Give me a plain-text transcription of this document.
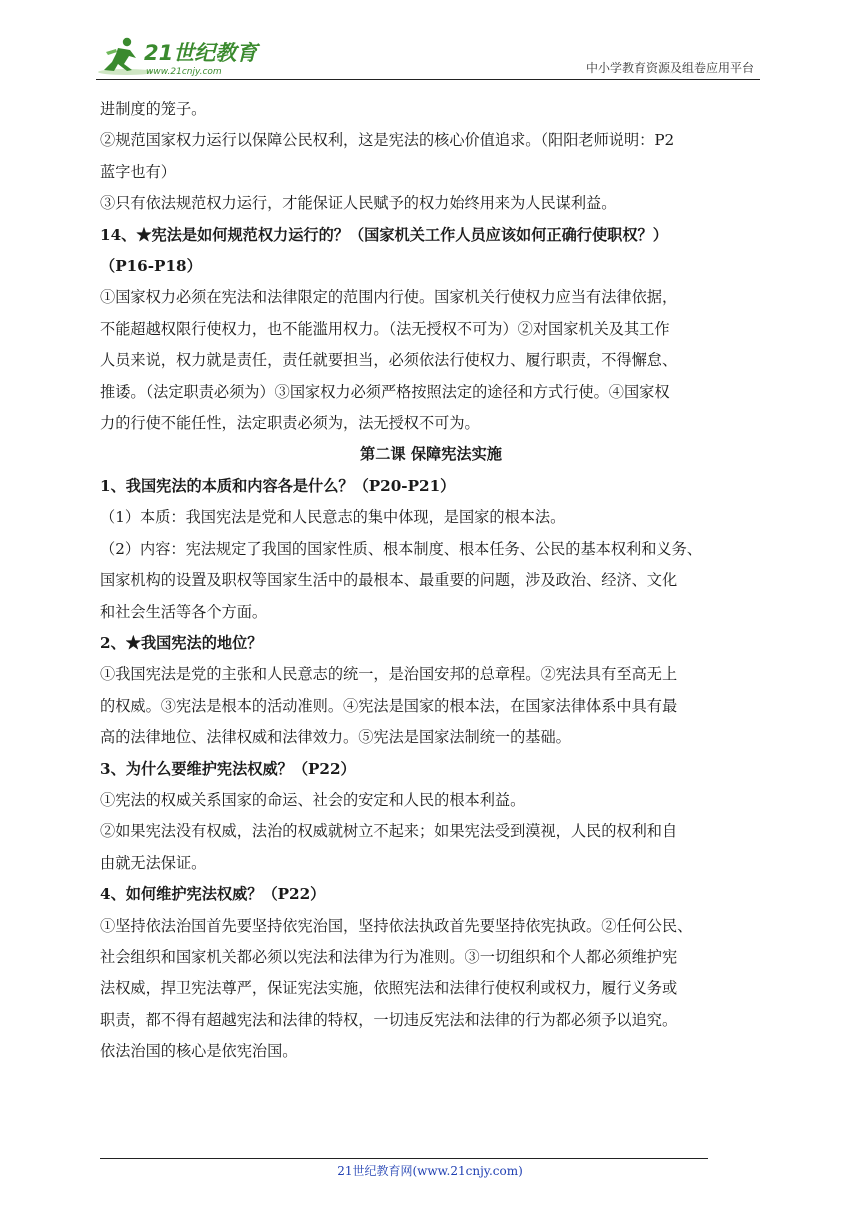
21世纪教育
www.21cnjy.com	中小学教育资源及组卷应用平台

进制度的笼子。

②规范国家权力运行以保障公民权利，这是宪法的核心价值追求。（阳阳老师说明：P2

蓝字也有）

③只有依法规范权力运行，才能保证人民赋予的权力始终用来为人民谋利益。

14、★宪法是如何规范权力运行的？（国家机关工作人员应该如何正确行使职权？）

（P16-P18）

①国家权力必须在宪法和法律限定的范围内行使。国家机关行使权力应当有法律依据，

不能超越权限行使权力，也不能滥用权力。（法无授权不可为）②对国家机关及其工作

人员来说，权力就是责任，责任就要担当，必须依法行使权力、履行职责，不得懈怠、

推诿。（法定职责必须为）③国家权力必须严格按照法定的途径和方式行使。④国家权

力的行使不能任性，法定职责必须为，法无授权不可为。

第二课 保障宪法实施

1、我国宪法的本质和内容各是什么？（P20-P21）

（1）本质：我国宪法是党和人民意志的集中体现，是国家的根本法。

（2）内容：宪法规定了我国的国家性质、根本制度、根本任务、公民的基本权利和义务、

国家机构的设置及职权等国家生活中的最根本、最重要的问题，涉及政治、经济、文化

和社会生活等各个方面。

2、★我国宪法的地位？

①我国宪法是党的主张和人民意志的统一，是治国安邦的总章程。②宪法具有至高无上

的权威。③宪法是根本的活动准则。④宪法是国家的根本法，在国家法律体系中具有最

高的法律地位、法律权威和法律效力。⑤宪法是国家法制统一的基础。

3、为什么要维护宪法权威？（P22）

①宪法的权威关系国家的命运、社会的安定和人民的根本利益。

②如果宪法没有权威，法治的权威就树立不起来；如果宪法受到漠视，人民的权利和自

由就无法保证。

4、如何维护宪法权威？（P22）

①坚持依法治国首先要坚持依宪治国，坚持依法执政首先要坚持依宪执政。②任何公民、

社会组织和国家机关都必须以宪法和法律为行为准则。③一切组织和个人都必须维护宪

法权威，捍卫宪法尊严，保证宪法实施，依照宪法和法律行使权利或权力，履行义务或

职责，都不得有超越宪法和法律的特权，一切违反宪法和法律的行为都必须予以追究。

依法治国的核心是依宪治国。

21世纪教育网(www.21cnjy.com)
